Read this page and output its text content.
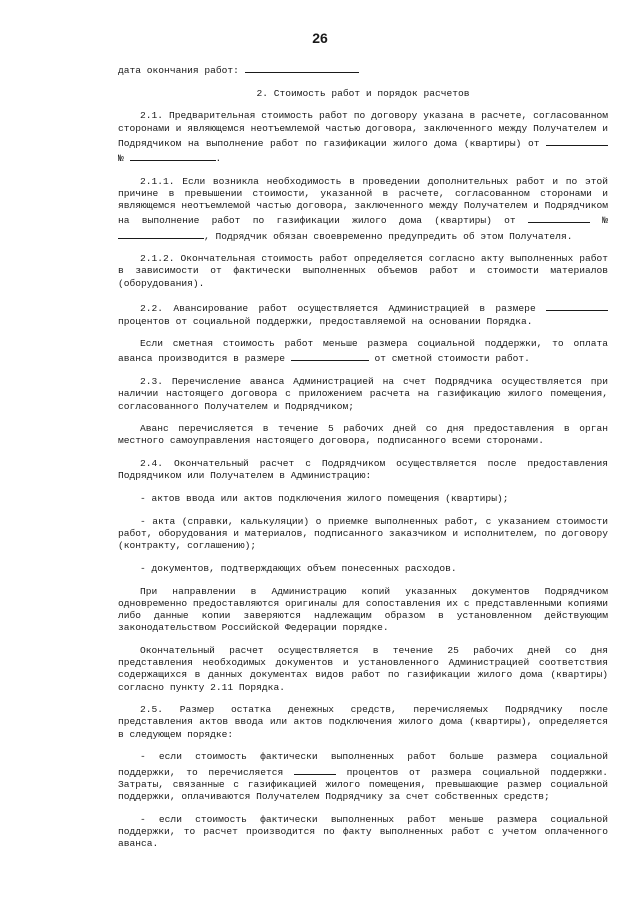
26

дата окончания работ:

2. Стоимость работ и порядок расчетов

2.1. Предварительная стоимость работ по договору указана в расчете, согласованном сторонами и являющемся неотъемлемой частью договора, заключенного между Получателем и Подрядчиком на выполнение работ по газификации жилого дома (квартиры) от  №	.

2.1.1. Если возникла необходимость в проведении дополнительных работ и по этой причине в превышении стоимости, указанной в расчете, согласованном сторонами и являющемся неотъемлемой частью договора, заключенного между Получателем и Подрядчиком на выполнение работ по газификации жилого дома (квартиры) от	№ , Подрядчик обязан своевременно предупредить об этом Получателя.

2.1.2. Окончательная стоимость работ определяется согласно акту выполненных работ в зависимости от фактически выполненных объемов работ и стоимости материалов (оборудования).

2.2. Авансирование работ осуществляется Администрацией в размере  процентов от социальной поддержки, предоставляемой на основании Порядка.

Если сметная стоимость работ меньше размера социальной поддержки, то оплата аванса производится в размере	от сметной стоимости работ.

2.3. Перечисление аванса Администрацией на счет Подрядчика осуществляется при наличии настоящего договора с приложением расчета на газификацию жилого помещения, согласованного Получателем и Подрядчиком;

Аванс перечисляется в течение 5 рабочих дней со дня предоставления в орган местного самоуправления настоящего договора, подписанного всеми сторонами.

2.4. Окончательный расчет с Подрядчиком осуществляется после предоставления Подрядчиком или Получателем в Администрацию:

- актов ввода или актов подключения жилого помещения (квартиры);

- акта (справки, калькуляции) о приемке выполненных работ, с указанием стоимости работ, оборудования и материалов, подписанного заказчиком и исполнителем, по договору (контракту, соглашению);

- документов, подтверждающих объем понесенных расходов.

При направлении в Администрацию копий указанных документов Подрядчиком одновременно предоставляются оригиналы для сопоставления их с представленными копиями либо данные копии заверяются надлежащим образом в установленном действующим законодательством Российской Федерации порядке.

Окончательный расчет осуществляется в течение 25 рабочих дней со дня представления необходимых документов и установленного Администрацией соответствия содержащихся в данных документах видов работ по газификации жилого дома (квартиры) согласно пункту 2.11 Порядка.

2.5. Размер остатка денежных средств, перечисляемых Подрядчику после представления актов ввода или актов подключения жилого дома (квартиры), определяется в следующем порядке:

- если стоимость фактически выполненных работ больше размера социальной поддержки, то перечисляется	процентов от размера социальной поддержки. Затраты, связанные с газификацией жилого помещения, превышающие размер социальной поддержки, оплачиваются Получателем Подрядчику за счет собственных средств;

- если стоимость фактически выполненных работ меньше размера социальной поддержки, то расчет производится по факту выполненных работ с учетом оплаченного аванса.
